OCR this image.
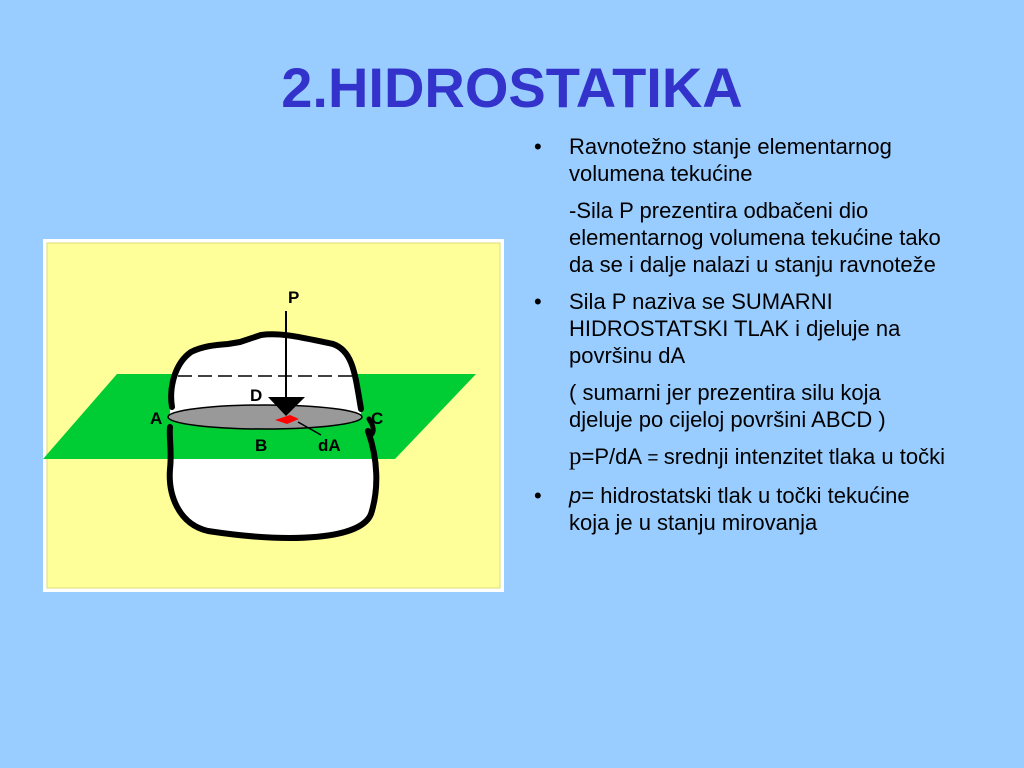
2.HIDROSTATIKA
P
D
A	C
B	dA
• Ravnotežno stanje elementarnog volumena tekućine
-Sila P prezentira odbačeni dio elementarnog volumena tekućine tako da se i dalje nalazi u stanju ravnoteže
• Sila P naziva se SUMARNI HIDROSTATSKI TLAK i djeluje na površinu dA
( sumarni jer prezentira silu koja djeluje po cijeloj površini ABCD )
p=P/dA = srednji intenzitet tlaka u točki
• p= hidrostatski tlak u točki tekućine koja je u stanju mirovanja
